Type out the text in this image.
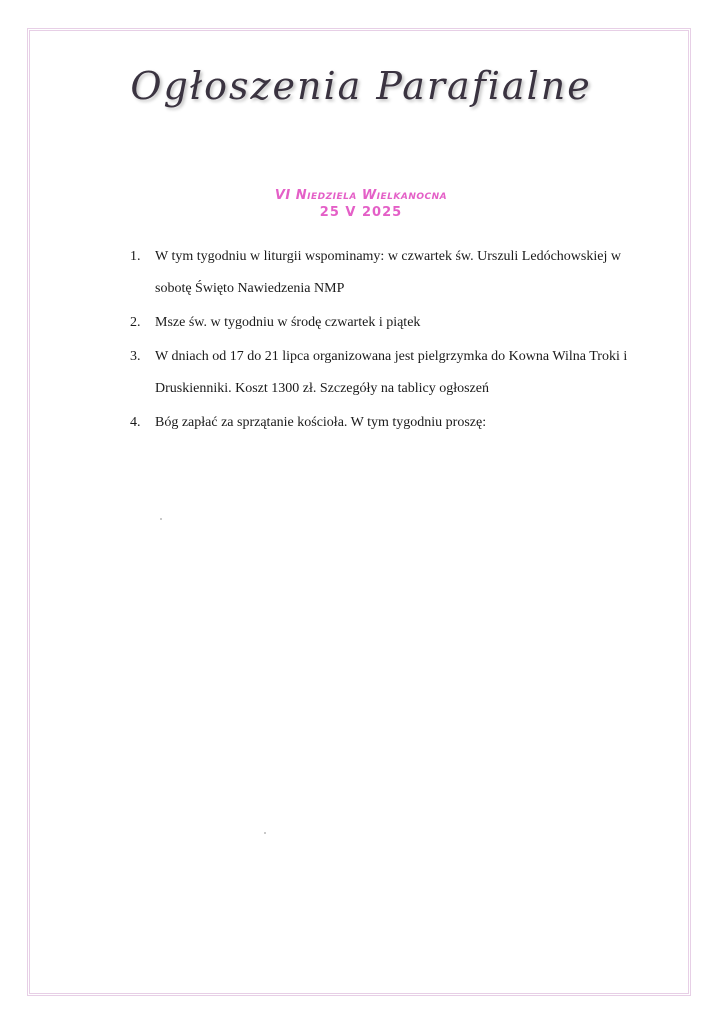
Ogłoszenia Parafialne
VI Niedziela Wielkanocna
25 V 2025
1. W tym tygodniu w liturgii wspominamy: w czwartek św. Urszuli Ledóchowskiej w sobotę Święto Nawiedzenia NMP
2. Msze św. w tygodniu w środę czwartek i piątek
3. W dniach od 17 do 21 lipca organizowana jest pielgrzymka do Kowna Wilna Troki i Druskienniki. Koszt 1300 zł. Szczegóły na tablicy ogłoszeń
4. Bóg zapłać za sprzątanie kościoła. W tym tygodniu proszę:
